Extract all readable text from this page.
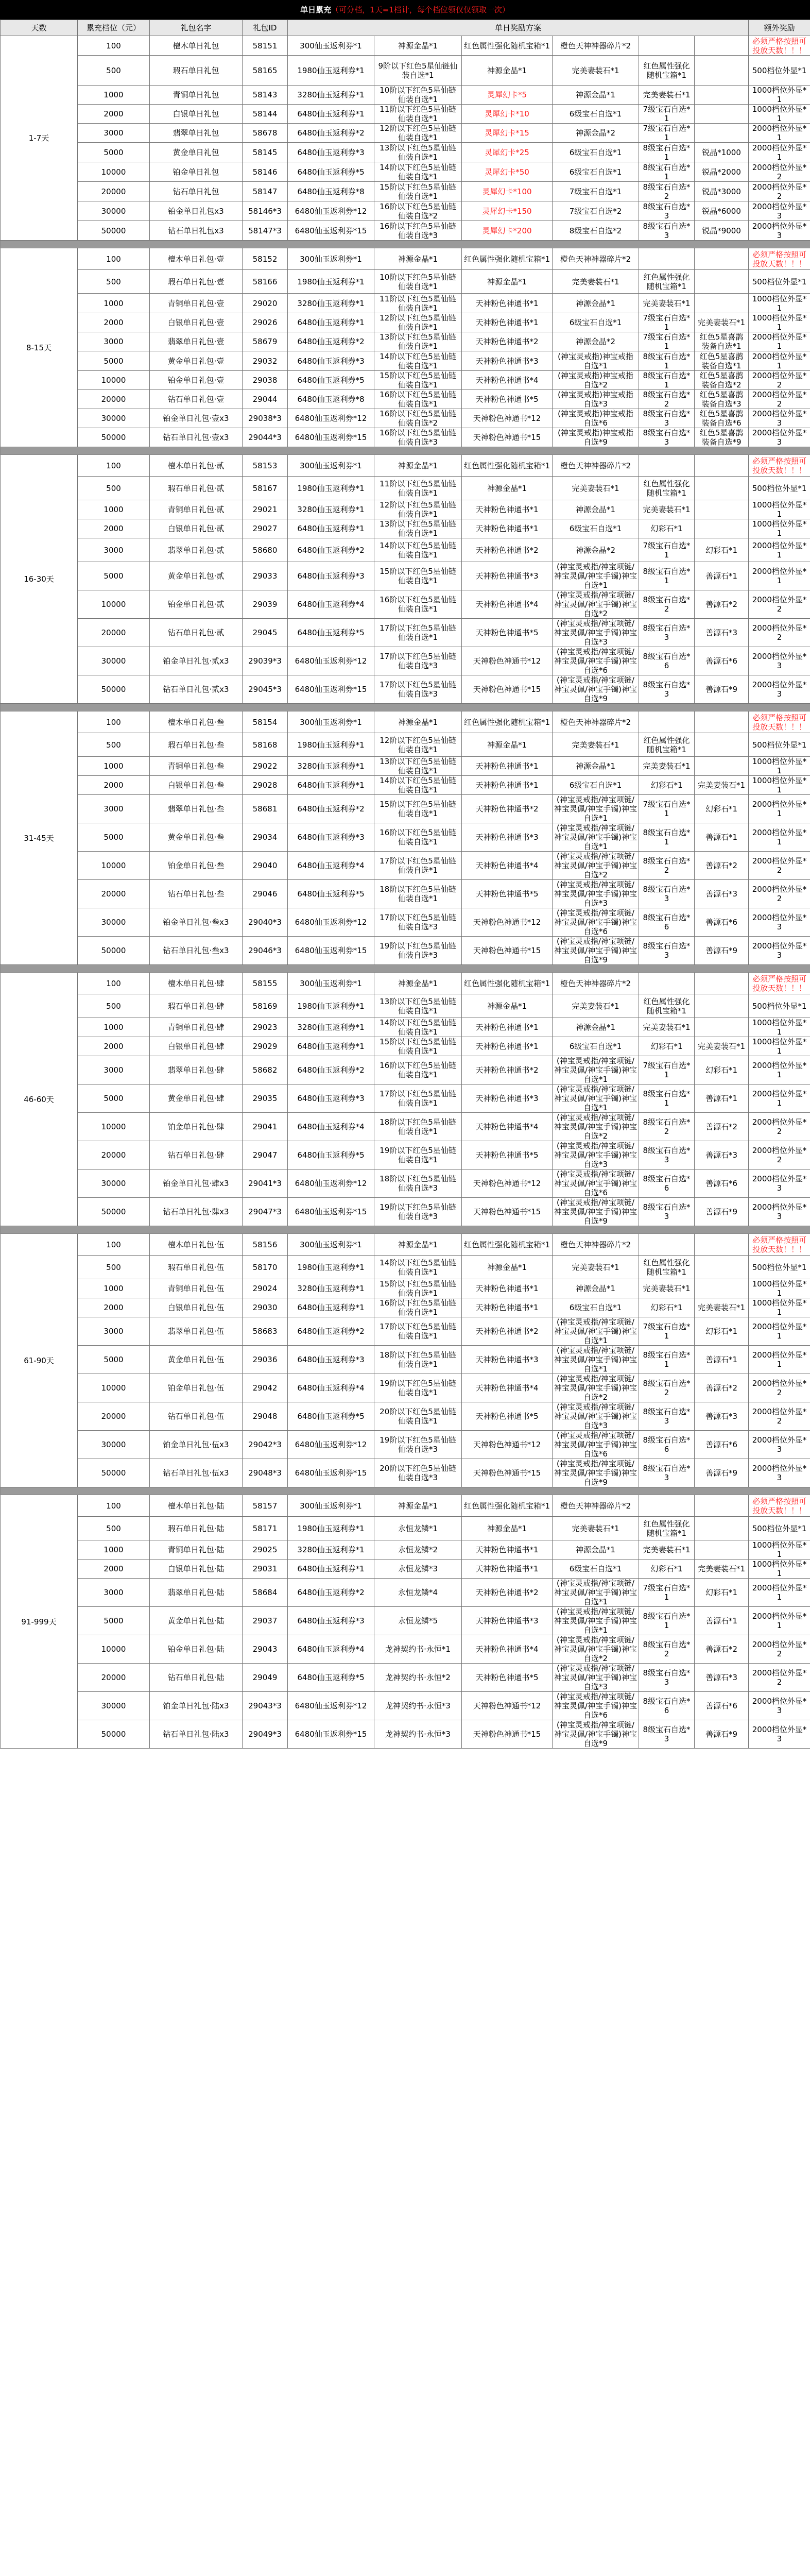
单日累充（可分档，1天=1档计，每个档位领仅仅领取一次）
天数	累充档位（元）	礼包名字	礼包ID	单日奖励方案						额外奖励
1-7天	100	檀木单日礼包	58151	300仙玉返利券*1	神源金晶*1	红色属性强化随机宝箱*1	橙色天神神器碎片*2			必须严格按照可投放天数！！！
	500	瑕石单日礼包	58165	1980仙玉返利券*1	9阶以下红色5星仙链仙装自选*1	神源金晶*1	完美妻装石*1	红色属性强化随机宝箱*1		500档位外显*1
	1000	青铜单日礼包	58143	3280仙玉返利券*1	10阶以下红色5星仙链仙装自选*1	灵犀幻卡*5	神源金晶*1	完美妻装石*1		1000档位外显*1
	2000	白银单日礼包	58144	6480仙玉返利券*1	11阶以下红色5星仙链仙装自选*1	灵犀幻卡*10	6级宝石自选*1	7级宝石自选*1		1000档位外显*1
	3000	翡翠单日礼包	58678	6480仙玉返利券*2	12阶以下红色5星仙链仙装自选*1	灵犀幻卡*15	神源金晶*2	7级宝石自选*1		2000档位外显*1
	5000	黄金单日礼包	58145	6480仙玉返利券*3	13阶以下红色5星仙链仙装自选*1	灵犀幻卡*25	6级宝石自选*1	8级宝石自选*1	锐晶*1000	2000档位外显*1
	10000	铂金单日礼包	58146	6480仙玉返利券*5	14阶以下红色5星仙链仙装自选*1	灵犀幻卡*50	6级宝石自选*1	8级宝石自选*1	锐晶*2000	2000档位外显*2
	20000	钻石单日礼包	58147	6480仙玉返利券*8	15阶以下红色5星仙链仙装自选*1	灵犀幻卡*100	7级宝石自选*1	8级宝石自选*2	锐晶*3000	2000档位外显*2
	30000	铂金单日礼包x3	58146*3	6480仙玉返利券*12	16阶以下红色5星仙链仙装自选*2	灵犀幻卡*150	7级宝石自选*2	8级宝石自选*3	锐晶*6000	2000档位外显*3
	50000	钻石单日礼包x3	58147*3	6480仙玉返利券*15	16阶以下红色5星仙链仙装自选*3	灵犀幻卡*200	8级宝石自选*2	8级宝石自选*3	锐晶*9000	2000档位外显*3

8-15天	100	檀木单日礼包·壹	58152	300仙玉返利券*1	神源金晶*1	红色属性强化随机宝箱*1	橙色天神神器碎片*2			必须严格按照可投放天数！！！
	500	瑕石单日礼包·壹	58166	1980仙玉返利券*1	10阶以下红色5星仙链仙装自选*1	神源金晶*1	完美妻装石*1	红色属性强化随机宝箱*1		500档位外显*1
	1000	青铜单日礼包·壹	29020	3280仙玉返利券*1	11阶以下红色5星仙链仙装自选*1	天神粉色神通书*1	神源金晶*1	完美妻装石*1		1000档位外显*1
	2000	白银单日礼包·壹	29026	6480仙玉返利券*1	12阶以下红色5星仙链仙装自选*1	天神粉色神通书*1	6级宝石自选*1	7级宝石自选*1	完美妻装石*1	1000档位外显*1
	3000	翡翠单日礼包·壹	58679	6480仙玉返利券*2	13阶以下红色5星仙链仙装自选*1	天神粉色神通书*2	神源金晶*2	7级宝石自选*1	红色5星喜鹊装备自选*1	2000档位外显*1
	5000	黄金单日礼包·壹	29032	6480仙玉返利券*3	14阶以下红色5星仙链仙装自选*1	天神粉色神通书*3	(神宝灵戒指)神宝戒指自选*1	8级宝石自选*1	红色5星喜鹊装备自选*1	2000档位外显*1
	10000	铂金单日礼包·壹	29038	6480仙玉返利券*5	15阶以下红色5星仙链仙装自选*1	天神粉色神通书*4	(神宝灵戒指)神宝戒指自选*2	8级宝石自选*1	红色5星喜鹊装备自选*2	2000档位外显*2
	20000	钻石单日礼包·壹	29044	6480仙玉返利券*8	16阶以下红色5星仙链仙装自选*1	天神粉色神通书*5	(神宝灵戒指)神宝戒指自选*3	8级宝石自选*2	红色5星喜鹊装备自选*3	2000档位外显*2
	30000	铂金单日礼包·壹x3	29038*3	6480仙玉返利券*12	16阶以下红色5星仙链仙装自选*2	天神粉色神通书*12	(神宝灵戒指)神宝戒指自选*6	8级宝石自选*3	红色5星喜鹊装备自选*6	2000档位外显*3
	50000	钻石单日礼包·壹x3	29044*3	6480仙玉返利券*15	16阶以下红色5星仙链仙装自选*3	天神粉色神通书*15	(神宝灵戒指)神宝戒指自选*9	8级宝石自选*3	红色5星喜鹊装备自选*9	2000档位外显*3

16-30天	100	檀木单日礼包·贰	58153	300仙玉返利券*1	神源金晶*1	红色属性强化随机宝箱*1	橙色天神神器碎片*2			必须严格按照可投放天数！！！
	500	瑕石单日礼包·贰	58167	1980仙玉返利券*1	11阶以下红色5星仙链仙装自选*1	神源金晶*1	完美妻装石*1	红色属性强化随机宝箱*1		500档位外显*1
	1000	青铜单日礼包·贰	29021	3280仙玉返利券*1	12阶以下红色5星仙链仙装自选*1	天神粉色神通书*1	神源金晶*1	完美妻装石*1		1000档位外显*1
	2000	白银单日礼包·贰	29027	6480仙玉返利券*1	13阶以下红色5星仙链仙装自选*1	天神粉色神通书*1	6级宝石自选*1	幻彩石*1		1000档位外显*1
	3000	翡翠单日礼包·贰	58680	6480仙玉返利券*2	14阶以下红色5星仙链仙装自选*1	天神粉色神通书*2	神源金晶*2	7级宝石自选*1	幻彩石*1	2000档位外显*1
	5000	黄金单日礼包·贰	29033	6480仙玉返利券*3	15阶以下红色5星仙链仙装自选*1	天神粉色神通书*3	(神宝灵戒指/神宝项链/神宝灵佩/神宝手镯)神宝自选*1	8级宝石自选*1	善源石*1	2000档位外显*1
	10000	铂金单日礼包·贰	29039	6480仙玉返利券*4	16阶以下红色5星仙链仙装自选*1	天神粉色神通书*4	(神宝灵戒指/神宝项链/神宝灵佩/神宝手镯)神宝自选*2	8级宝石自选*2	善源石*2	2000档位外显*2
	20000	钻石单日礼包·贰	29045	6480仙玉返利券*5	17阶以下红色5星仙链仙装自选*1	天神粉色神通书*5	(神宝灵戒指/神宝项链/神宝灵佩/神宝手镯)神宝自选*3	8级宝石自选*3	善源石*3	2000档位外显*2
	30000	铂金单日礼包·贰x3	29039*3	6480仙玉返利券*12	17阶以下红色5星仙链仙装自选*3	天神粉色神通书*12	(神宝灵戒指/神宝项链/神宝灵佩/神宝手镯)神宝自选*6	8级宝石自选*6	善源石*6	2000档位外显*3
	50000	钻石单日礼包·贰x3	29045*3	6480仙玉返利券*15	17阶以下红色5星仙链仙装自选*3	天神粉色神通书*15	(神宝灵戒指/神宝项链/神宝灵佩/神宝手镯)神宝自选*9	8级宝石自选*3	善源石*9	2000档位外显*3

31-45天	100	檀木单日礼包·叁	58154	300仙玉返利券*1	神源金晶*1	红色属性强化随机宝箱*1	橙色天神神器碎片*2			必须严格按照可投放天数！！！
	500	瑕石单日礼包·叁	58168	1980仙玉返利券*1	12阶以下红色5星仙链仙装自选*1	神源金晶*1	完美妻装石*1	红色属性强化随机宝箱*1		500档位外显*1
	1000	青铜单日礼包·叁	29022	3280仙玉返利券*1	13阶以下红色5星仙链仙装自选*1	天神粉色神通书*1	神源金晶*1	完美妻装石*1		1000档位外显*1
	2000	白银单日礼包·叁	29028	6480仙玉返利券*1	14阶以下红色5星仙链仙装自选*1	天神粉色神通书*1	6级宝石自选*1	幻彩石*1	完美妻装石*1	1000档位外显*1
	3000	翡翠单日礼包·叁	58681	6480仙玉返利券*2	15阶以下红色5星仙链仙装自选*1	天神粉色神通书*2	(神宝灵戒指/神宝项链/神宝灵佩/神宝手镯)神宝自选*1	7级宝石自选*1	幻彩石*1	2000档位外显*1
	5000	黄金单日礼包·叁	29034	6480仙玉返利券*3	16阶以下红色5星仙链仙装自选*1	天神粉色神通书*3	(神宝灵戒指/神宝项链/神宝灵佩/神宝手镯)神宝自选*1	8级宝石自选*1	善源石*1	2000档位外显*1
	10000	铂金单日礼包·叁	29040	6480仙玉返利券*4	17阶以下红色5星仙链仙装自选*1	天神粉色神通书*4	(神宝灵戒指/神宝项链/神宝灵佩/神宝手镯)神宝自选*2	8级宝石自选*2	善源石*2	2000档位外显*2
	20000	钻石单日礼包·叁	29046	6480仙玉返利券*5	18阶以下红色5星仙链仙装自选*1	天神粉色神通书*5	(神宝灵戒指/神宝项链/神宝灵佩/神宝手镯)神宝自选*3	8级宝石自选*3	善源石*3	2000档位外显*2
	30000	铂金单日礼包·叁x3	29040*3	6480仙玉返利券*12	17阶以下红色5星仙链仙装自选*3	天神粉色神通书*12	(神宝灵戒指/神宝项链/神宝灵佩/神宝手镯)神宝自选*6	8级宝石自选*6	善源石*6	2000档位外显*3
	50000	钻石单日礼包·叁x3	29046*3	6480仙玉返利券*15	19阶以下红色5星仙链仙装自选*3	天神粉色神通书*15	(神宝灵戒指/神宝项链/神宝灵佩/神宝手镯)神宝自选*9	8级宝石自选*3	善源石*9	2000档位外显*3

46-60天	100	檀木单日礼包·肆	58155	300仙玉返利券*1	神源金晶*1	红色属性强化随机宝箱*1	橙色天神神器碎片*2			必须严格按照可投放天数！！！
	500	瑕石单日礼包·肆	58169	1980仙玉返利券*1	13阶以下红色5星仙链仙装自选*1	神源金晶*1	完美妻装石*1	红色属性强化随机宝箱*1		500档位外显*1
	1000	青铜单日礼包·肆	29023	3280仙玉返利券*1	14阶以下红色5星仙链仙装自选*1	天神粉色神通书*1	神源金晶*1	完美妻装石*1		1000档位外显*1
	2000	白银单日礼包·肆	29029	6480仙玉返利券*1	15阶以下红色5星仙链仙装自选*1	天神粉色神通书*1	6级宝石自选*1	幻彩石*1	完美妻装石*1	1000档位外显*1
	3000	翡翠单日礼包·肆	58682	6480仙玉返利券*2	16阶以下红色5星仙链仙装自选*1	天神粉色神通书*2	(神宝灵戒指/神宝项链/神宝灵佩/神宝手镯)神宝自选*1	7级宝石自选*1	幻彩石*1	2000档位外显*1
	5000	黄金单日礼包·肆	29035	6480仙玉返利券*3	17阶以下红色5星仙链仙装自选*1	天神粉色神通书*3	(神宝灵戒指/神宝项链/神宝灵佩/神宝手镯)神宝自选*1	8级宝石自选*1	善源石*1	2000档位外显*1
	10000	铂金单日礼包·肆	29041	6480仙玉返利券*4	18阶以下红色5星仙链仙装自选*1	天神粉色神通书*4	(神宝灵戒指/神宝项链/神宝灵佩/神宝手镯)神宝自选*2	8级宝石自选*2	善源石*2	2000档位外显*2
	20000	钻石单日礼包·肆	29047	6480仙玉返利券*5	19阶以下红色5星仙链仙装自选*1	天神粉色神通书*5	(神宝灵戒指/神宝项链/神宝灵佩/神宝手镯)神宝自选*3	8级宝石自选*3	善源石*3	2000档位外显*2
	30000	铂金单日礼包·肆x3	29041*3	6480仙玉返利券*12	18阶以下红色5星仙链仙装自选*3	天神粉色神通书*12	(神宝灵戒指/神宝项链/神宝灵佩/神宝手镯)神宝自选*6	8级宝石自选*6	善源石*6	2000档位外显*3
	50000	钻石单日礼包·肆x3	29047*3	6480仙玉返利券*15	19阶以下红色5星仙链仙装自选*3	天神粉色神通书*15	(神宝灵戒指/神宝项链/神宝灵佩/神宝手镯)神宝自选*9	8级宝石自选*3	善源石*9	2000档位外显*3

61-90天	100	檀木单日礼包·伍	58156	300仙玉返利券*1	神源金晶*1	红色属性强化随机宝箱*1	橙色天神神器碎片*2			必须严格按照可投放天数！！！
	500	瑕石单日礼包·伍	58170	1980仙玉返利券*1	14阶以下红色5星仙链仙装自选*1	神源金晶*1	完美妻装石*1	红色属性强化随机宝箱*1		500档位外显*1
	1000	青铜单日礼包·伍	29024	3280仙玉返利券*1	15阶以下红色5星仙链仙装自选*1	天神粉色神通书*1	神源金晶*1	完美妻装石*1		1000档位外显*1
	2000	白银单日礼包·伍	29030	6480仙玉返利券*1	16阶以下红色5星仙链仙装自选*1	天神粉色神通书*1	6级宝石自选*1	幻彩石*1	完美妻装石*1	1000档位外显*1
	3000	翡翠单日礼包·伍	58683	6480仙玉返利券*2	17阶以下红色5星仙链仙装自选*1	天神粉色神通书*2	(神宝灵戒指/神宝项链/神宝灵佩/神宝手镯)神宝自选*1	7级宝石自选*1	幻彩石*1	2000档位外显*1
	5000	黄金单日礼包·伍	29036	6480仙玉返利券*3	18阶以下红色5星仙链仙装自选*1	天神粉色神通书*3	(神宝灵戒指/神宝项链/神宝灵佩/神宝手镯)神宝自选*1	8级宝石自选*1	善源石*1	2000档位外显*1
	10000	铂金单日礼包·伍	29042	6480仙玉返利券*4	19阶以下红色5星仙链仙装自选*1	天神粉色神通书*4	(神宝灵戒指/神宝项链/神宝灵佩/神宝手镯)神宝自选*2	8级宝石自选*2	善源石*2	2000档位外显*2
	20000	钻石单日礼包·伍	29048	6480仙玉返利券*5	20阶以下红色5星仙链仙装自选*1	天神粉色神通书*5	(神宝灵戒指/神宝项链/神宝灵佩/神宝手镯)神宝自选*3	8级宝石自选*3	善源石*3	2000档位外显*2
	30000	铂金单日礼包·伍x3	29042*3	6480仙玉返利券*12	19阶以下红色5星仙链仙装自选*3	天神粉色神通书*12	(神宝灵戒指/神宝项链/神宝灵佩/神宝手镯)神宝自选*6	8级宝石自选*6	善源石*6	2000档位外显*3
	50000	钻石单日礼包·伍x3	29048*3	6480仙玉返利券*15	20阶以下红色5星仙链仙装自选*3	天神粉色神通书*15	(神宝灵戒指/神宝项链/神宝灵佩/神宝手镯)神宝自选*9	8级宝石自选*3	善源石*9	2000档位外显*3

91-999天	100	檀木单日礼包·陆	58157	300仙玉返利券*1	神源金晶*1	红色属性强化随机宝箱*1	橙色天神神器碎片*2			必须严格按照可投放天数！！！
	500	瑕石单日礼包·陆	58171	1980仙玉返利券*1	永恒龙鳞*1	神源金晶*1	完美妻装石*1	红色属性强化随机宝箱*1		500档位外显*1
	1000	青铜单日礼包·陆	29025	3280仙玉返利券*1	永恒龙鳞*2	天神粉色神通书*1	神源金晶*1	完美妻装石*1		1000档位外显*1
	2000	白银单日礼包·陆	29031	6480仙玉返利券*1	永恒龙鳞*3	天神粉色神通书*1	6级宝石自选*1	幻彩石*1	完美妻装石*1	1000档位外显*1
	3000	翡翠单日礼包·陆	58684	6480仙玉返利券*2	永恒龙鳞*4	天神粉色神通书*2	(神宝灵戒指/神宝项链/神宝灵佩/神宝手镯)神宝自选*1	7级宝石自选*1	幻彩石*1	2000档位外显*1
	5000	黄金单日礼包·陆	29037	6480仙玉返利券*3	永恒龙鳞*5	天神粉色神通书*3	(神宝灵戒指/神宝项链/神宝灵佩/神宝手镯)神宝自选*1	8级宝石自选*1	善源石*1	2000档位外显*1
	10000	铂金单日礼包·陆	29043	6480仙玉返利券*4	龙神契约书·永恒*1	天神粉色神通书*4	(神宝灵戒指/神宝项链/神宝灵佩/神宝手镯)神宝自选*2	8级宝石自选*2	善源石*2	2000档位外显*2
	20000	钻石单日礼包·陆	29049	6480仙玉返利券*5	龙神契约书·永恒*2	天神粉色神通书*5	(神宝灵戒指/神宝项链/神宝灵佩/神宝手镯)神宝自选*3	8级宝石自选*3	善源石*3	2000档位外显*2
	30000	铂金单日礼包·陆x3	29043*3	6480仙玉返利券*12	龙神契约书·永恒*3	天神粉色神通书*12	(神宝灵戒指/神宝项链/神宝灵佩/神宝手镯)神宝自选*6	8级宝石自选*6	善源石*6	2000档位外显*3
	50000	钻石单日礼包·陆x3	29049*3	6480仙玉返利券*15	龙神契约书·永恒*3	天神粉色神通书*15	(神宝灵戒指/神宝项链/神宝灵佩/神宝手镯)神宝自选*9	8级宝石自选*3	善源石*9	2000档位外显*3
